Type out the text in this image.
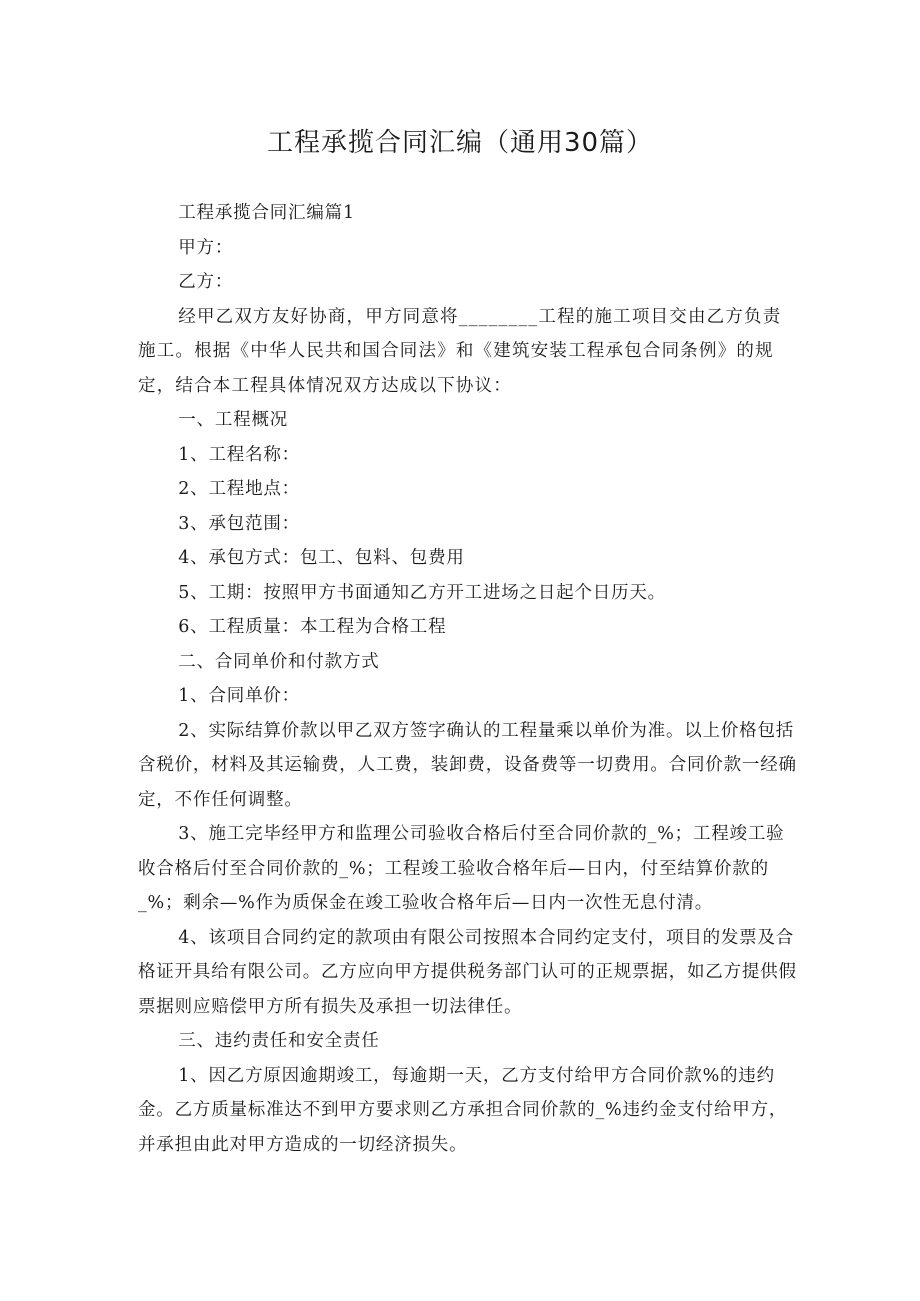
工程承揽合同汇编（通用30篇）

工程承揽合同汇编篇1

甲方：

乙方：

经甲乙双方友好协商，甲方同意将________工程的施工项目交由乙方负责施工。根据《中华人民共和国合同法》和《建筑安装工程承包合同条例》的规定，结合本工程具体情况双方达成以下协议：

一、工程概况

1、工程名称：

2、工程地点：

3、承包范围：

4、承包方式：包工、包料、包费用

5、工期：按照甲方书面通知乙方开工进场之日起个日历天。

6、工程质量：本工程为合格工程

二、合同单价和付款方式

1、合同单价：

2、实际结算价款以甲乙双方签字确认的工程量乘以单价为准。以上价格包括含税价，材料及其运输费，人工费，装卸费，设备费等一切费用。合同价款一经确定，不作任何调整。

3、施工完毕经甲方和监理公司验收合格后付至合同价款的_%；工程竣工验收合格后付至合同价款的_%；工程竣工验收合格年后—日内，付至结算价款的_%；剩余—%作为质保金在竣工验收合格年后—日内一次性无息付清。

4、该项目合同约定的款项由有限公司按照本合同约定支付，项目的发票及合格证开具给有限公司。乙方应向甲方提供税务部门认可的正规票据，如乙方提供假票据则应赔偿甲方所有损失及承担一切法律任。

三、违约责任和安全责任

1、因乙方原因逾期竣工，每逾期一天，乙方支付给甲方合同价款%的违约金。乙方质量标准达不到甲方要求则乙方承担合同价款的_%违约金支付给甲方，并承担由此对甲方造成的一切经济损失。
